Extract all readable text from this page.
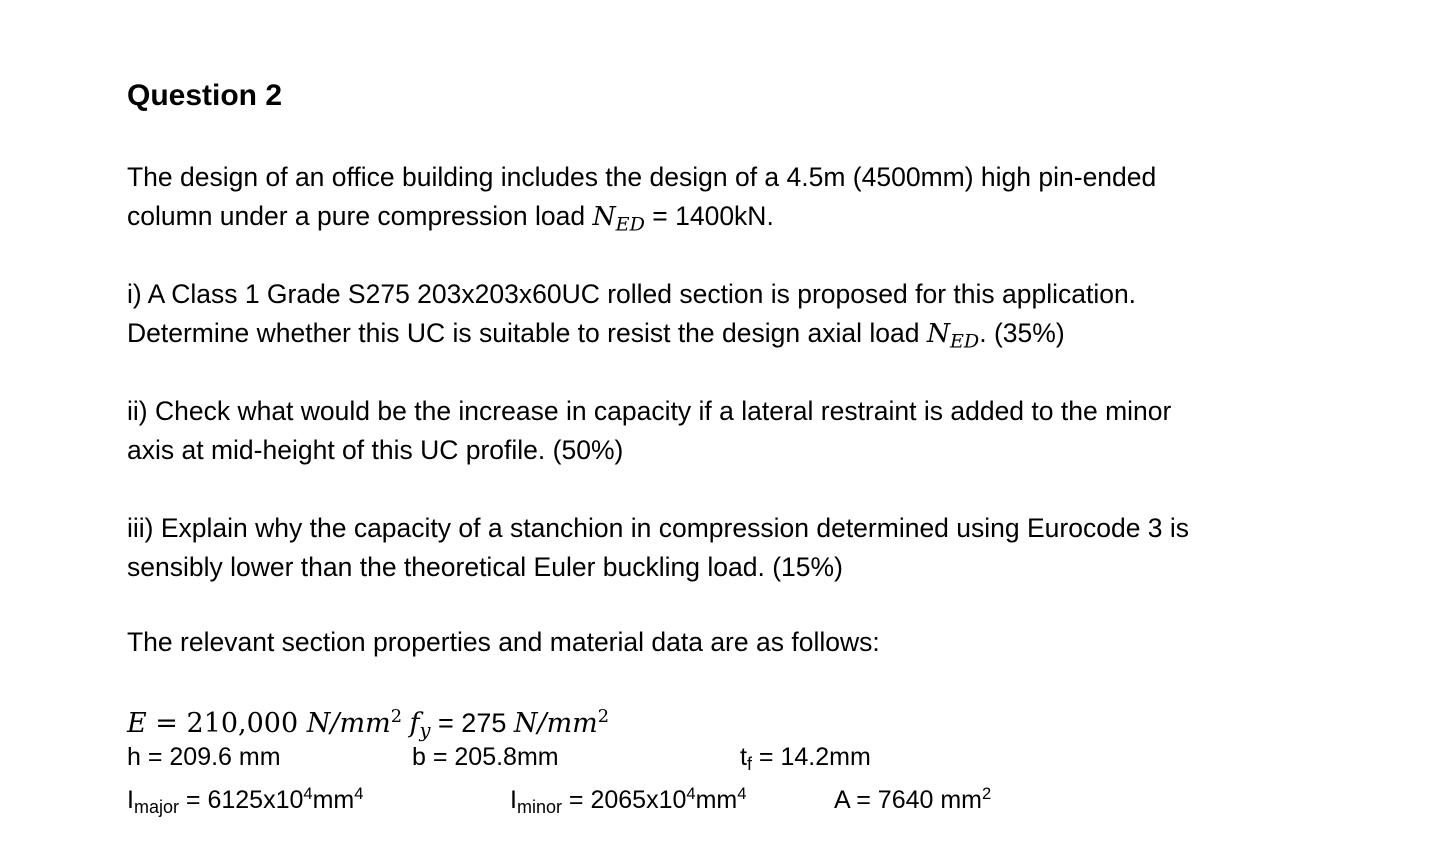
Question 2
The design of an office building includes the design of a 4.5m (4500mm) high pin-ended
column under a pure compression load $N_{ED} = 1400kN$.
i) A Class 1 Grade S275 203x203x60UC rolled section is proposed for this application.
Determine whether this UC is suitable to resist the design axial load $N_{ED}$. (35%)
ii) Check what would be the increase in capacity if a lateral restraint is added to the minor
axis at mid-height of this UC profile. (50%)
iii) Explain why the capacity of a stanchion in compression determined using Eurocode 3 is
sensibly lower than the theoretical Euler buckling load. (15%)
The relevant section properties and material data are as follows:
E = 210,000 $N/mm^2$ $f_y = 275$ $N/mm^2$
h = 209.6 mm	b = 205.8mm	$t_f = 14.2mm$
$I_{major} = 6125x10^4mm^4$	$I_{minor} = 2065x10^4mm^4$	A = 7640 $mm^2$
